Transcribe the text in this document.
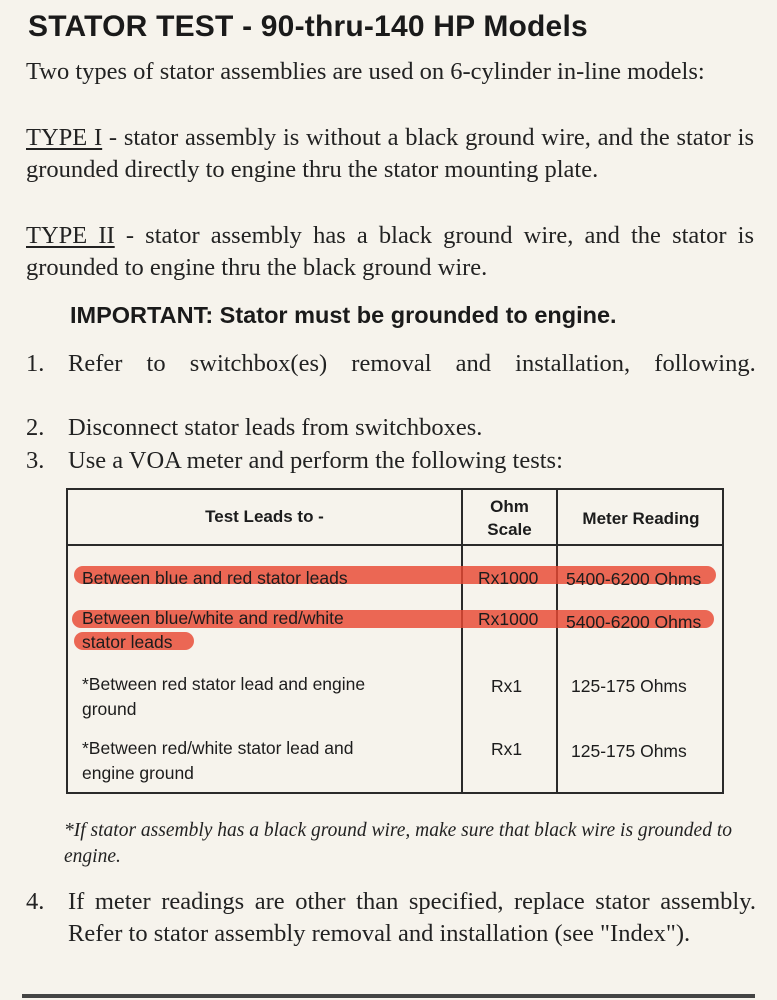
STATOR TEST - 90-thru-140 HP Models
Two types of stator assemblies are used on 6-cylinder in-line models:
TYPE I - stator assembly is without a black ground wire, and the stator is grounded directly to engine thru the stator mounting plate.
TYPE II - stator assembly has a black ground wire, and the stator is grounded to engine thru the black ground wire.
IMPORTANT: Stator must be grounded to engine.
1. Refer to switchbox(es) removal and installation, following.
2. Disconnect stator leads from switchboxes.
3. Use a VOA meter and perform the following tests:
Test Leads to -
Ohm
Scale
Meter Reading
Between blue and red stator leads	Rx1000 5400-6200 Ohms
Between blue/white and red/white
stator leads
Rx1000 5400-6200 Ohms
*Between red stator lead and engine
ground
Rx1	125-175 Ohms
*Between red/white stator lead and
engine ground
Rx1	125-175 Ohms
*If stator assembly has a black ground wire, make sure that black wire is grounded to engine.
4. If meter readings are other than specified, replace stator assembly. Refer to stator assembly removal and installation (see "Index").
